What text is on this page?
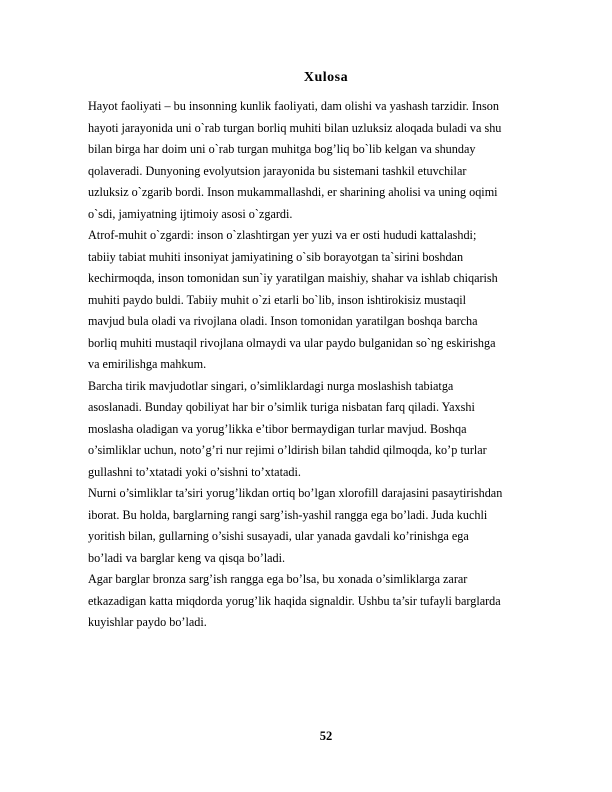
Xulosa
Hayot faoliyati – bu insonning kunlik faoliyati, dam olishi va yashash tarzidir. Inson
hayoti jarayonida uni o`rab turgan borliq muhiti bilan uzluksiz aloqada buladi va shu
bilan birga har doim uni o`rab turgan muhitga bog’liq bo`lib kelgan va shunday
qolaveradi. Dunyoning evolyutsion jarayonida bu sistemani tashkil etuvchilar
uzluksiz o`zgarib bordi. Inson mukammallashdi, er sharining aholisi va uning oqimi
o`sdi, jamiyatning ijtimoiy asosi o`zgardi.
Atrof-muhit o`zgardi: inson o`zlashtirgan yer yuzi va er osti hududi kattalashdi;
tabiiy tabiat muhiti insoniyat jamiyatining o`sib borayotgan ta`sirini boshdan
kechirmoqda, inson tomonidan sun`iy yaratilgan maishiy, shahar va ishlab chiqarish
muhiti paydo buldi. Tabiiy muhit o`zi etarli bo`lib, inson ishtirokisiz mustaqil
mavjud bula oladi va rivojlana oladi. Inson tomonidan yaratilgan boshqa barcha
borliq muhiti mustaqil rivojlana olmaydi va ular paydo bulganidan so`ng eskirishga
va emirilishga mahkum.
Barcha tirik mavjudotlar singari, o’simliklardagi nurga moslashish tabiatga
asoslanadi. Bunday qobiliyat har bir o’simlik turiga nisbatan farq qiladi. Yaxshi
moslasha oladigan va yorug’likka e’tibor bermaydigan turlar mavjud. Boshqa
o’simliklar uchun, noto’g’ri nur rejimi o’ldirish bilan tahdid qilmoqda, ko’p turlar
gullashni to’xtatadi yoki o’sishni to’xtatadi.
Nurni o’simliklar ta’siri yorug’likdan ortiq bo’lgan xlorofill darajasini pasaytirishdan
iborat. Bu holda, barglarning rangi sarg’ish-yashil rangga ega bo’ladi. Juda kuchli
yoritish bilan, gullarning o’sishi susayadi, ular yanada gavdali ko’rinishga ega
bo’ladi va barglar keng va qisqa bo’ladi.
Agar barglar bronza sarg’ish rangga ega bo’lsa, bu xonada o’simliklarga zarar
etkazadigan katta miqdorda yorug’lik haqida signaldir. Ushbu ta’sir tufayli barglarda
kuyishlar paydo bo’ladi.
52
